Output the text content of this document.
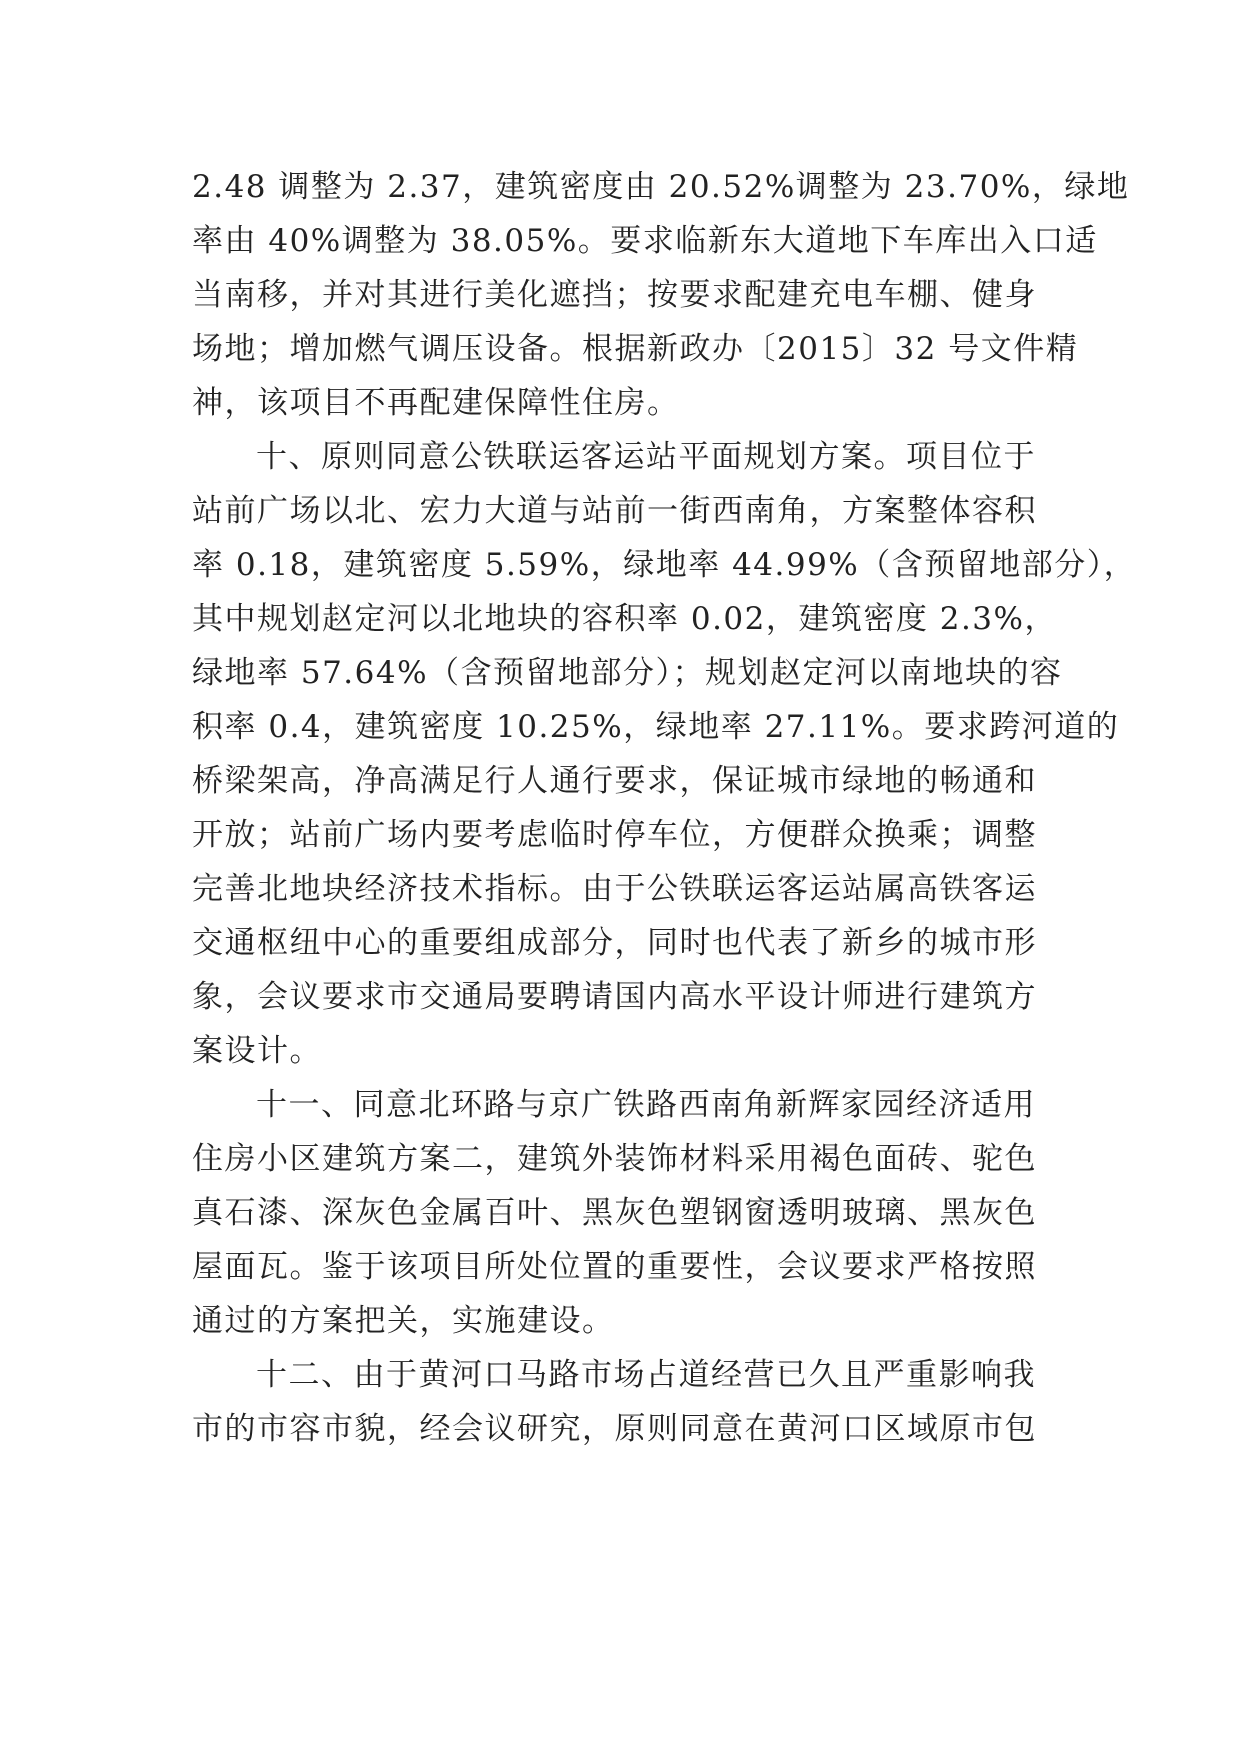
2.48 调整为 2.37，建筑密度由 20.52%调整为 23.70%，绿地
率由 40%调整为 38.05%。要求临新东大道地下车库出入口适
当南移，并对其进行美化遮挡；按要求配建充电车棚、健身
场地；增加燃气调压设备。根据新政办〔2015〕32 号文件精
神，该项目不再配建保障性住房。
十、原则同意公铁联运客运站平面规划方案。项目位于
站前广场以北、宏力大道与站前一街西南角，方案整体容积
率 0.18，建筑密度 5.59%，绿地率 44.99%（含预留地部分），
其中规划赵定河以北地块的容积率 0.02，建筑密度 2.3%，
绿地率 57.64%（含预留地部分）；规划赵定河以南地块的容
积率 0.4，建筑密度 10.25%，绿地率 27.11%。要求跨河道的
桥梁架高，净高满足行人通行要求，保证城市绿地的畅通和
开放；站前广场内要考虑临时停车位，方便群众换乘；调整
完善北地块经济技术指标。由于公铁联运客运站属高铁客运
交通枢纽中心的重要组成部分，同时也代表了新乡的城市形
象，会议要求市交通局要聘请国内高水平设计师进行建筑方
案设计。
十一、同意北环路与京广铁路西南角新辉家园经济适用
住房小区建筑方案二，建筑外装饰材料采用褐色面砖、驼色
真石漆、深灰色金属百叶、黑灰色塑钢窗透明玻璃、黑灰色
屋面瓦。鉴于该项目所处位置的重要性，会议要求严格按照
通过的方案把关，实施建设。
十二、由于黄河口马路市场占道经营已久且严重影响我
市的市容市貌，经会议研究，原则同意在黄河口区域原市包
